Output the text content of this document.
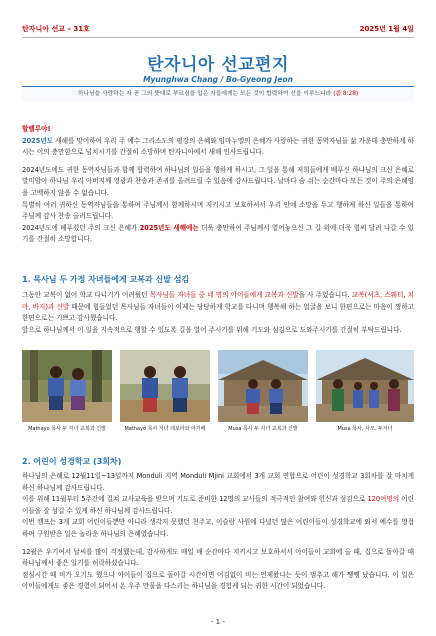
탄자니아 선교 – 31호	2025년 1월 4일
탄자니아 선교편지
Myunghwa Chang / Bo-Gyeong Jeon
하나님을 사랑하는 자 곧 그의 뜻대로 부르심을 입은 자들에게는 모든 것이 합력하여 선을 이루느니라 (롬 8:28)
할렐루야!
2025년도 새해를 맞이하여 우리 주 예수 그리스도의 평강의 은혜와 임마누엘의 은혜가 사랑하는 귀한 동역자님들 삶 가운데 충만하게 하시는 이의 충만함으로 넘치시기를 간절히 소망하며 탄자니아에서 새해 인사드립니다.
2024년도에도 귀한 동역자님들과 함께 합력하여 하나님의 일들을 행하게 하시고, 그 일을 통해 저희들에게 베푸신 하나님의 크신 은혜로 말미암아 하나님 우리 아버지께 영광과 찬송과 존귀를 올려드릴 수 있음에 감사드립니다. 날마다 숨 쉬는 순간마다 모든 것이 주의 은혜임을 고백하지 않을 수 없습니다.
특별히 여러 귀하신 동역자님들을 통하여 주님께서 함께하시며 지키시고 보호하셔서 우리 안에 소망을 두고 행하게 하신 일들을 통하여 주님께 감사 찬송 올려드립니다.
2024년도에 베푸셨던 주의 크신 은혜가 2025년도 새해에는 더욱 충만하여 주님께서 열어놓으신 그 길 위에 더욱 힘써 달려 나갈 수 있기를 간절히 소망합니다.
1. 목사님 두 가정 자녀들에게 교복과 신발 섬김
그동안 교복이 없어 학교 다니기가 어려웠던 목사님들 자녀들 중 네 명의 아이들에게 교복과 신발을 사 주었습니다. 교복(셔츠, 스웨터, 치마, 바지)과 신발 때문에 힘들었던 목사님들 자녀들이 이제는 당당하게 학교를 다니며 행복해 하는 얼굴을 보니 한편으로는 마음이 찡하고 한편으로는 기쁘고 감사했습니다.
앞으로 하나님께서 이 일을 지속적으로 행할 수 있도록 길을 열어 주시기를 위해 기도와 섬김으로 도와주시기를 간절히 부탁드립니다.
Mathayo 목사 두 자녀 교복과 신발	Mathayo 목사 자녀 데보라와 야기배	Musa 목사 두 자녀 교복과 신발	Musa 목사, 사모, 두자녀
2. 어린이 성경학교 (3회차)
하나님의 은혜로 12월11일~13일까지 Monduli 지역 Monduli Mjini 교회에서 3개 교회 연합으로 어린이 성경학교 3회차를 잘 마치게 하신 하나님께 감사드립니다.
이를 위해 11월부터 5주간에 걸쳐 교사교육을 받으며 기도로 준비한 12명의 교사들의 적극적인 참여와 헌신과 섬김으로 120여명의 어린이들을 잘 섬길 수 있게 하신 하나님께 감사드립니다.
이번 캠프는 3개 교회 어린이들뿐만 아니라 생각지 못했던 천주교, 이슬람 사원에 다녔던 많은 어린이들이 성경학교에 와서 예수를 영접하며 구원받은 일은 놀라운 하나님의 은혜였습니다.
12월은 우기여서 날씨를 많이 걱정했는데, 감사하게도 매일 매 순간마다 지키시고 보호하셔서 아이들이 교회에 올 때, 집으로 돌아갈 때 하나님께서 좋은 일기를 허락하셨습니다.
점심시간 때 비가 오기도 했으나 아이들이 집으로 돌아갈 시간이면 어김없이 비는 언제왔냐는 듯이 멈추고 해가 쨍쨍 났습니다. 이 일은 아이들에게도 좋은 경험이 되어서 온 우주 만물을 다스리는 하나님을 경험케 되는 귀한 시간이 되었습니다.
- 1 -
